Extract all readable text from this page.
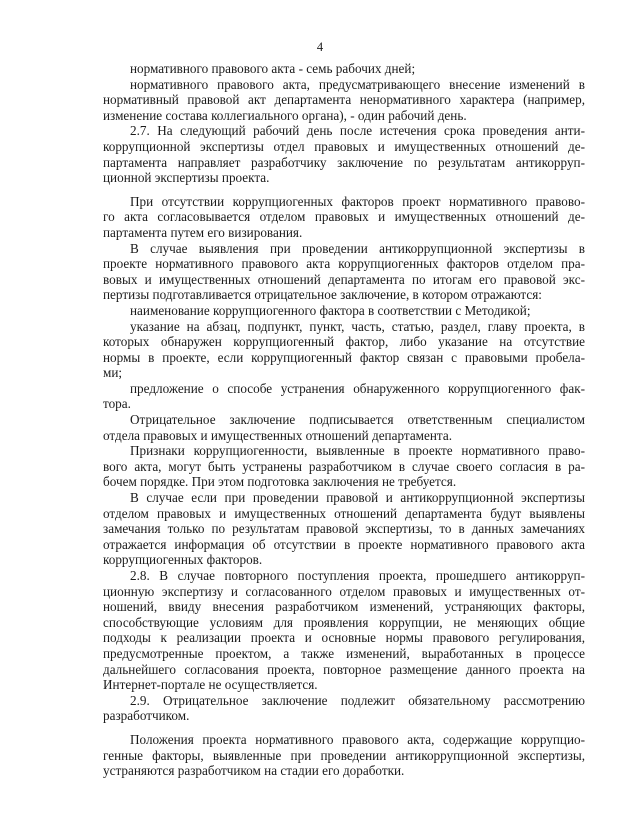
4
нормативного правового акта - семь рабочих дней;
нормативного правового акта, предусматривающего внесение изменений в
нормативный правовой акт департамента ненормативного характера (например,
изменение состава коллегиального органа), - один рабочий день.
2.7. На следующий рабочий день после истечения срока проведения анти-
коррупционной экспертизы отдел правовых и имущественных отношений де-
партамента направляет разработчику заключение по результатам антикорруп-
ционной экспертизы проекта.
При отсутствии коррупциогенных факторов проект нормативного правово-
го акта согласовывается отделом правовых и имущественных отношений де-
партамента путем его визирования.
В случае выявления при проведении антикоррупционной экспертизы в
проекте нормативного правового акта коррупциогенных факторов отделом пра-
вовых и имущественных отношений департамента по итогам его правовой экс-
пертизы подготавливается отрицательное заключение, в котором отражаются:
наименование коррупциогенного фактора в соответствии с Методикой;
указание на абзац, подпункт, пункт, часть, статью, раздел, главу проекта, в
которых обнаружен коррупциогенный фактор, либо указание на отсутствие
нормы в проекте, если коррупциогенный фактор связан с правовыми пробела-
ми;
предложение о способе устранения обнаруженного коррупциогенного фак-
тора.
Отрицательное заключение подписывается ответственным специалистом
отдела правовых и имущественных отношений департамента.
Признаки коррупциогенности, выявленные в проекте нормативного право-
вого акта, могут быть устранены разработчиком в случае своего согласия в ра-
бочем порядке. При этом подготовка заключения не требуется.
В случае если при проведении правовой и антикоррупционной экспертизы
отделом правовых и имущественных отношений департамента будут выявлены
замечания только по результатам правовой экспертизы, то в данных замечаниях
отражается информация об отсутствии в проекте нормативного правового акта
коррупциогенных факторов.
2.8. В случае повторного поступления проекта, прошедшего антикорруп-
ционную экспертизу и согласованного отделом правовых и имущественных от-
ношений, ввиду внесения разработчиком изменений, устраняющих факторы,
способствующие условиям для проявления коррупции, не меняющих общие
подходы к реализации проекта и основные нормы правового регулирования,
предусмотренные проектом, а также изменений, выработанных в процессе
дальнейшего согласования проекта, повторное размещение данного проекта на
Интернет-портале не осуществляется.
2.9. Отрицательное заключение подлежит обязательному рассмотрению
разработчиком.
Положения проекта нормативного правового акта, содержащие коррупцио-
генные факторы, выявленные при проведении антикоррупционной экспертизы,
устраняются разработчиком на стадии его доработки.
